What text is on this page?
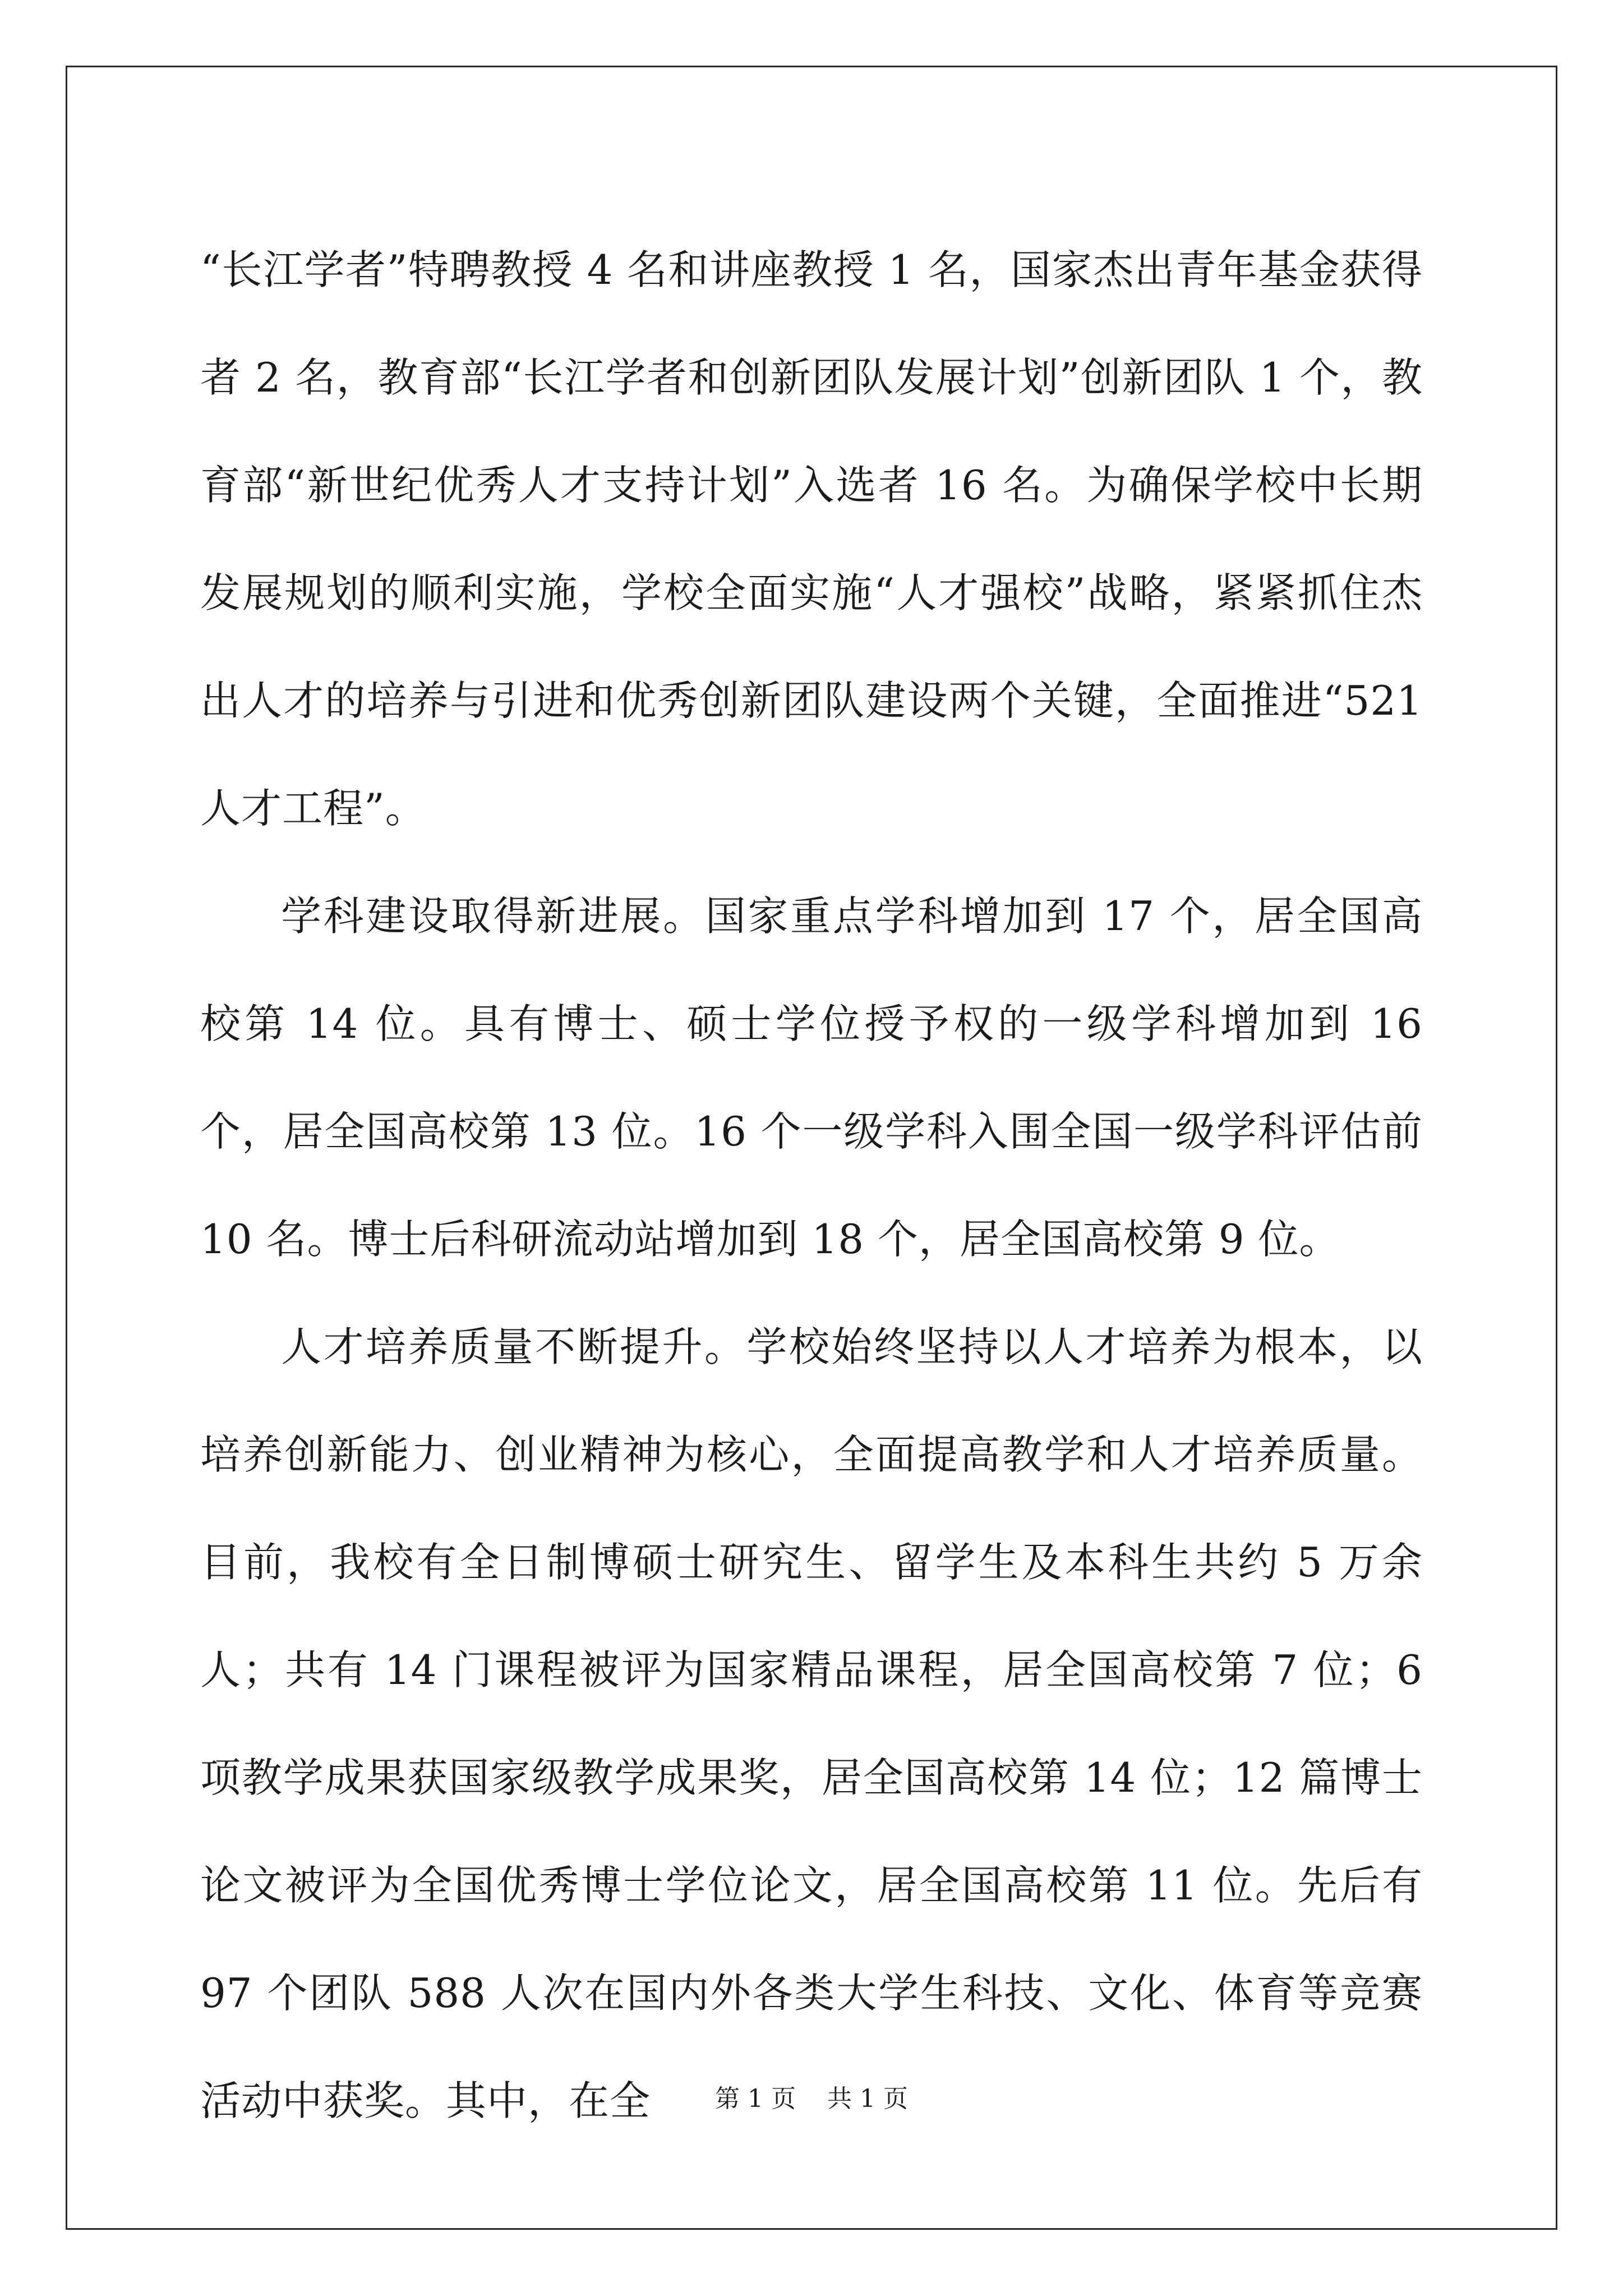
“长江学者”特聘教授 4 名和讲座教授 1 名，国家杰出青年基金获得者 2 名，教育部“长江学者和创新团队发展计划”创新团队 1 个，教育部“新世纪优秀人才支持计划”入选者 16 名。为确保学校中长期发展规划的顺利实施，学校全面实施“人才强校”战略，紧紧抓住杰出人才的培养与引进和优秀创新团队建设两个关键，全面推进“521 人才工程”。

学科建设取得新进展。国家重点学科增加到 17 个，居全国高校第 14 位。具有博士、硕士学位授予权的一级学科增加到 16 个，居全国高校第 13 位。16 个一级学科入围全国一级学科评估前 10 名。博士后科研流动站增加到 18 个，居全国高校第 9 位。

人才培养质量不断提升。学校始终坚持以人才培养为根本，以培养创新能力、创业精神为核心，全面提高教学和人才培养质量。目前，我校有全日制博硕士研究生、留学生及本科生共约 5 万余人；共有 14 门课程被评为国家精品课程，居全国高校第 7 位；6 项教学成果获国家级教学成果奖，居全国高校第 14 位；12 篇博士论文被评为全国优秀博士学位论文，居全国高校第 11 位。先后有 97 个团队 588 人次在国内外各类大学生科技、文化、体育等竞赛活动中获奖。其中，在全	第 1 页    共 1 页
